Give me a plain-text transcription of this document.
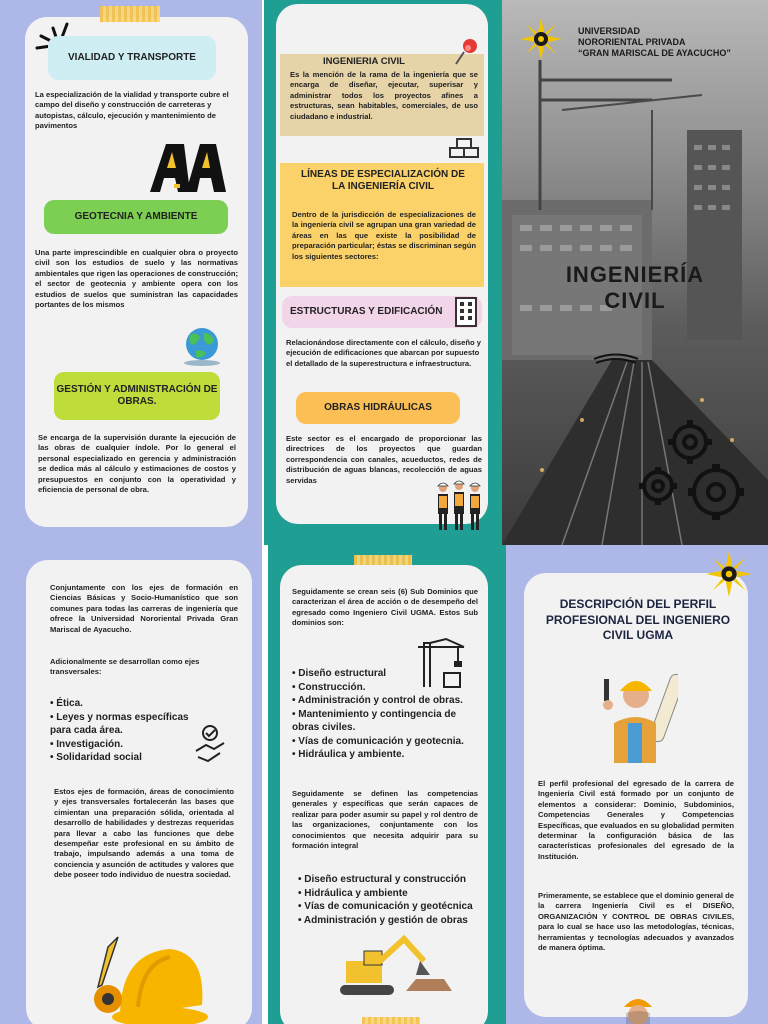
VIALIDAD Y TRANSPORTE
La especialización de la vialidad y transporte cubre el campo del diseño y construcción de carreteras y autopistas, cálculo, ejecución y mantenimiento de pavimentos
GEOTECNIA Y AMBIENTE
Una parte imprescindible en cualquier obra o proyecto civil son los estudios de suelo y las normativas ambientales que rigen las operaciones de construcción; el sector de geotecnia y ambiente opera con los estudios de suelos que suministran las capacidades portantes de los mismos
GESTIÓN Y ADMINISTRACIÓN DE OBRAS.
Se encarga de la supervisión durante la ejecución de las obras de cualquier índole. Por lo general el personal especializado en gerencia y administración se dedica más al cálculo y estimaciones de costos y presupuestos en conjunto con la operatividad y eficiencia de personal de obra.
INGENIERIA CIVIL
Es la mención de la rama de la ingeniería que se encarga de diseñar, ejecutar, superisar y administrar todos los proyectos afines a estructuras, sean habitables, comerciales, de uso ciudadano e industrial.
LÍNEAS DE ESPECIALIZACIÓN DE LA INGENIERÍA CIVIL
Dentro de la jurisdicción de especializaciones de la ingeniería civil se agrupan una gran variedad de áreas en las que existe la posibilidad de preparación particular; éstas se discriminan según los siguientes sectores:
ESTRUCTURAS Y EDIFICACIÓN
Relacionándose directamente con el cálculo, diseño y ejecución de edificaciones que abarcan por supuesto el detallado de la superestructura e infraestructura.
OBRAS HIDRÁULICAS
Este sector es el encargado de proporcionar las directrices de los proyectos que guardan correspondencia con canales, acueductos, redes de distribución de aguas blancas, recolección de aguas servidas
UNIVERSIDAD
NORORIENTAL PRIVADA
“GRAN MARISCAL DE AYACUCHO”
INGENIERÍA
CIVIL
Conjuntamente con los ejes de formación en Ciencias Básicas y Socio-Humanístico que son comunes para todas las carreras de ingeniería que ofrece la Universidad Nororiental Privada Gran Mariscal de Ayacucho.
Adicionalmente se desarrollan como ejes transversales:
• Ética.
• Leyes y normas específicas para cada área.
• Investigación.
• Solidaridad social
Estos ejes de formación, áreas de conocimiento y ejes transversales fortalecerán las bases que cimientan una preparación sólida, orientada al desarrollo de habilidades y destrezas requeridas para llevar a cabo las funciones que debe desempeñar este profesional en su ámbito de trabajo, impulsando además a una toma de conciencia y asunción de actitudes y valores que debe poseer todo individuo de nuestra sociedad.
Seguidamente se crean seis (6) Sub Dominios que caracterizan el área de acción o de desempeño del egresado como Ingeniero Civil UGMA. Estos Sub dominios son:
• Diseño estructural
• Construcción.
• Administración y control de obras.
• Mantenimiento y contingencia de obras civiles.
• Vías de comunicación y geotecnia.
• Hidráulica y ambiente.
Seguidamente se definen las competencias generales y específicas que serán capaces de realizar para poder asumir su papel y rol dentro de las organizaciones, conjuntamente con los conocimientos que necesita adquirir para su formación integral
• Diseño estructural y construcción
• Hidráulica y ambiente
• Vías de comunicación y geotécnica
• Administración y gestión de obras
DESCRIPCIÓN DEL PERFIL PROFESIONAL DEL INGENIERO CIVIL UGMA
El perfil profesional del egresado de la carrera de Ingeniería Civil está formado por un conjunto de elementos a considerar: Dominio, Subdominios, Competencias Generales y Competencias Específicas, que evaluados en su globalidad permiten determinar la configuración básica de las características profesionales del egresado de la Institución.
Primeramente, se establece que el dominio general de la carrera Ingeniería Civil es el DISEÑO, ORGANIZACIÓN Y CONTROL DE OBRAS CIVILES, para lo cual se hace uso las metodologías, técnicas, herramientas y tecnologías adecuados y avanzados de manera óptima.
